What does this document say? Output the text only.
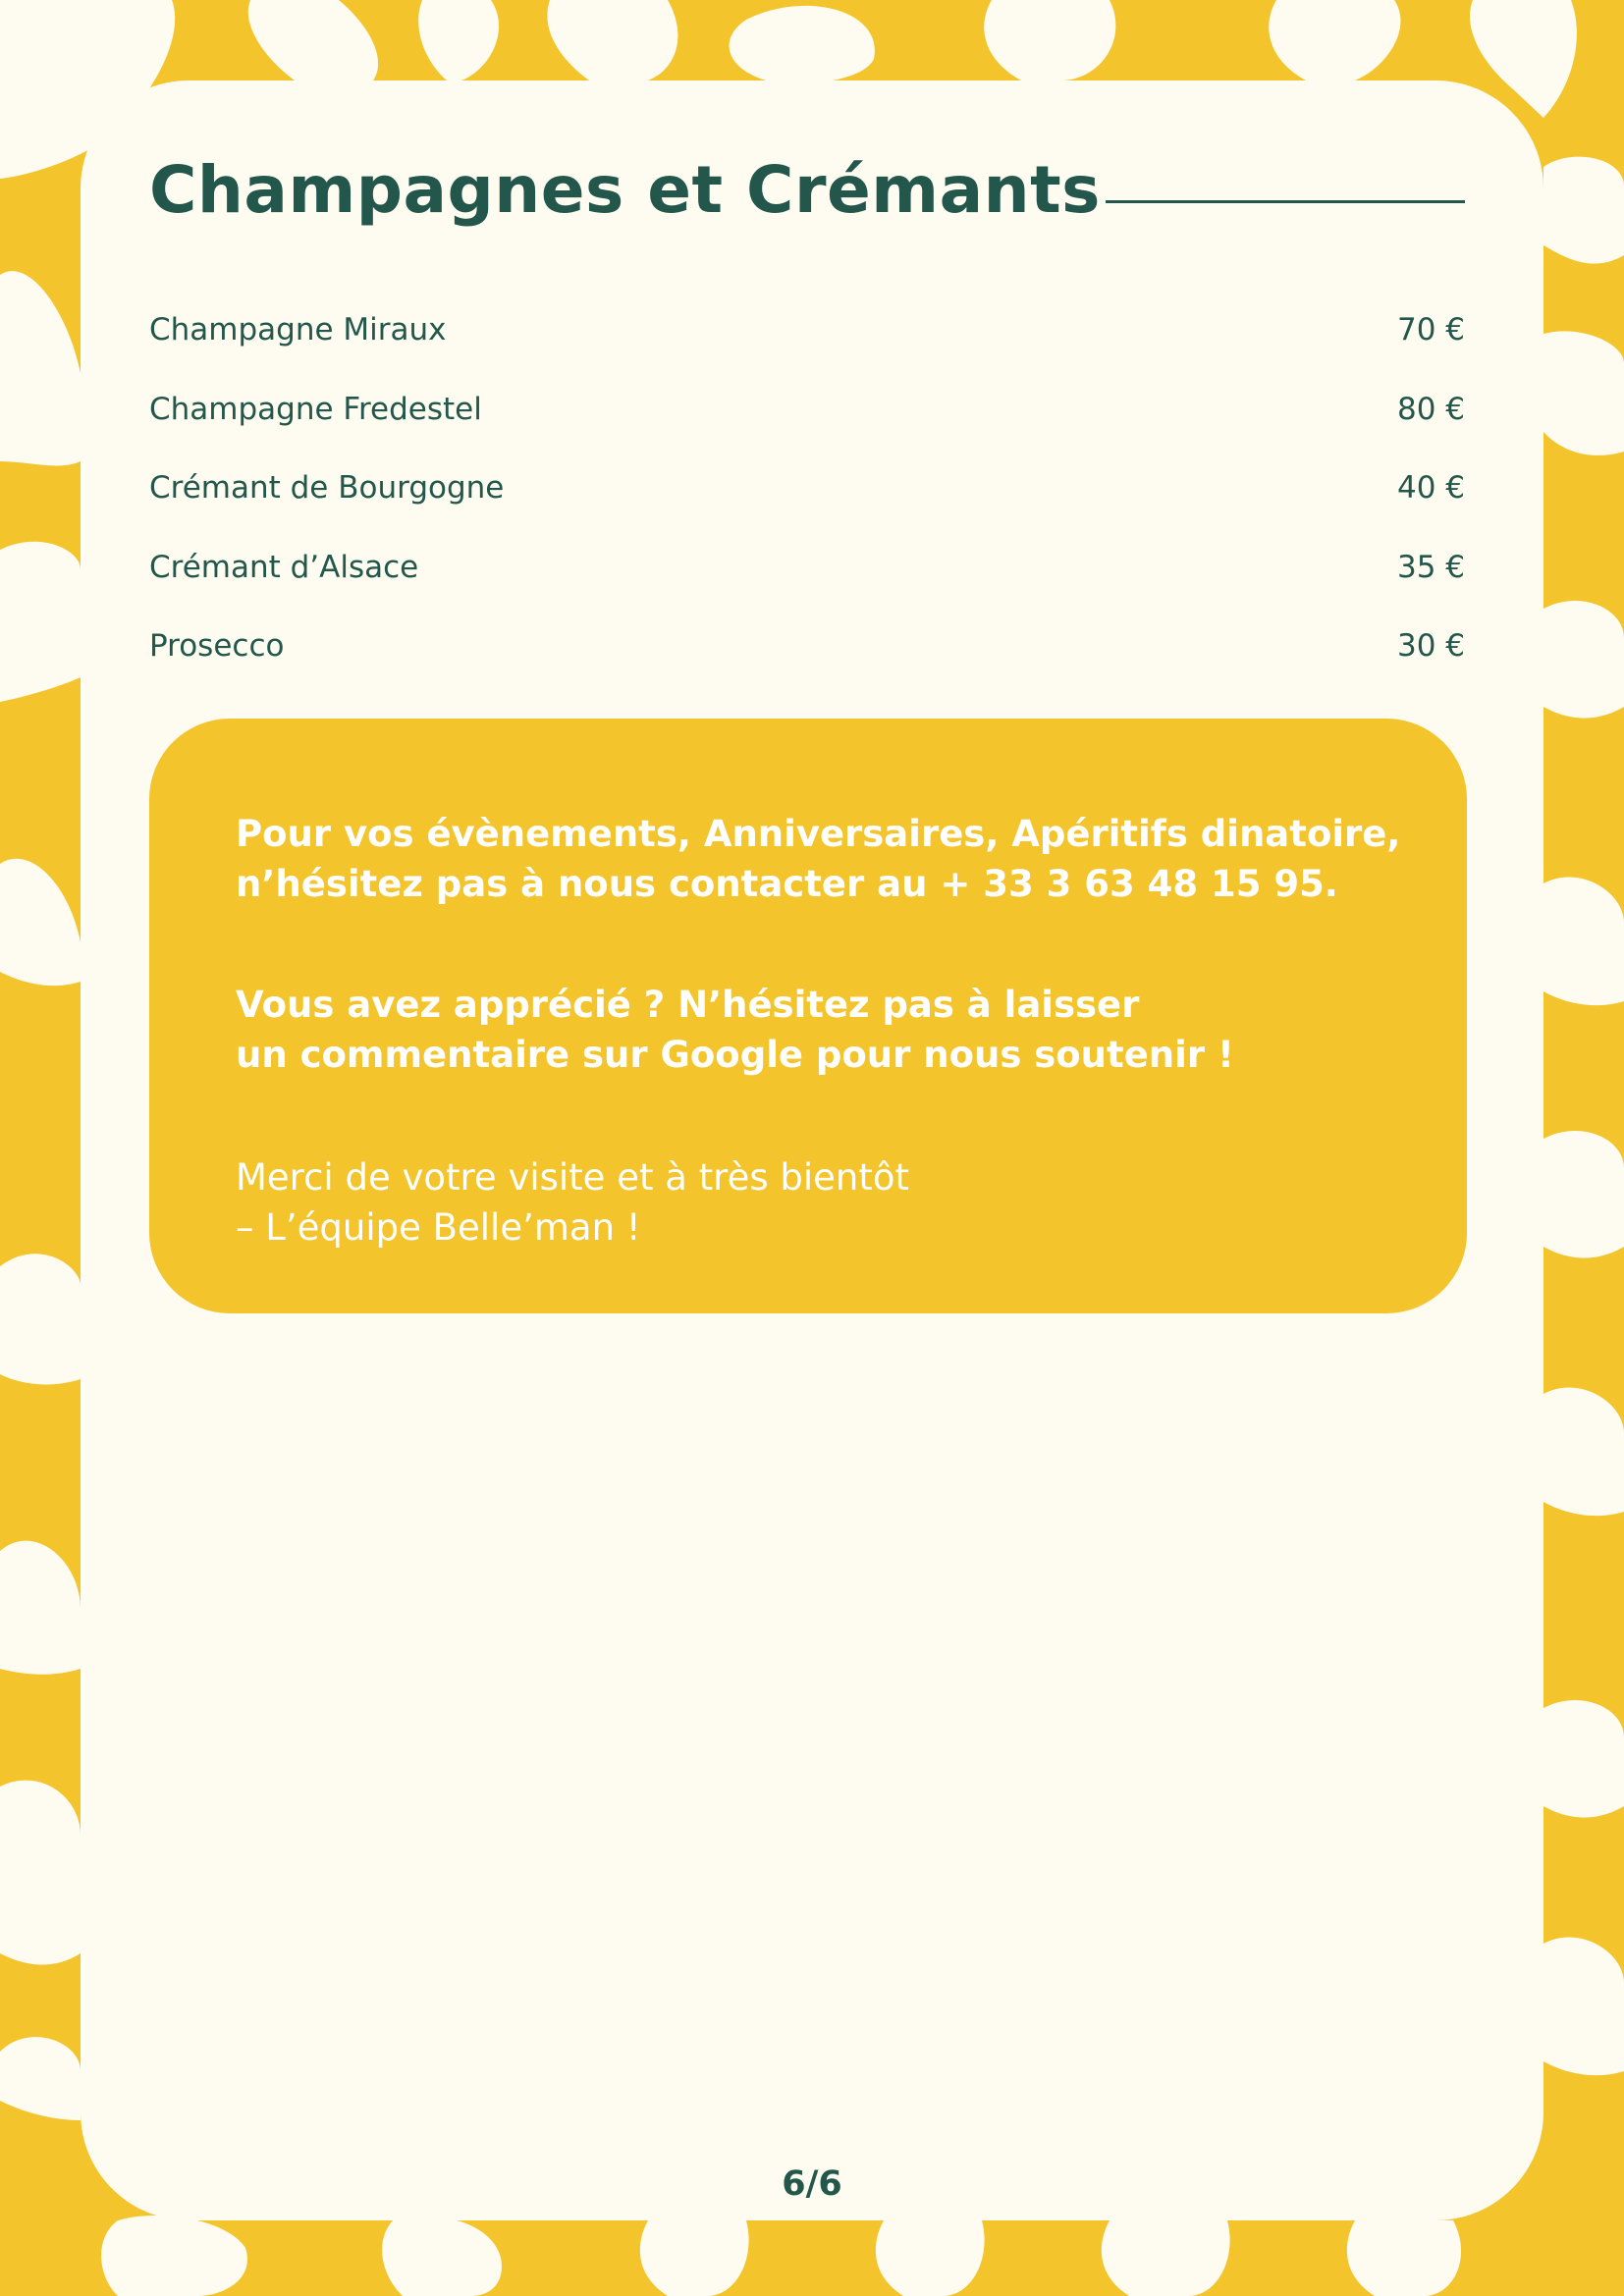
Champagnes et Crémants
Champagne Miraux	70 €
Champagne Fredestel	80 €
Crémant de Bourgogne	40 €
Crémant d’Alsace	35 €
Prosecco	30 €

Pour vos évènements, Anniversaires, Apéritifs dinatoire,
n’hésitez pas à nous contacter au + 33 3 63 48 15 95.

Vous avez apprécié ? N’hésitez pas à laisser
un commentaire sur Google pour nous soutenir !

Merci de votre visite et à très bientôt
– L’équipe Belle’man !

6/6
